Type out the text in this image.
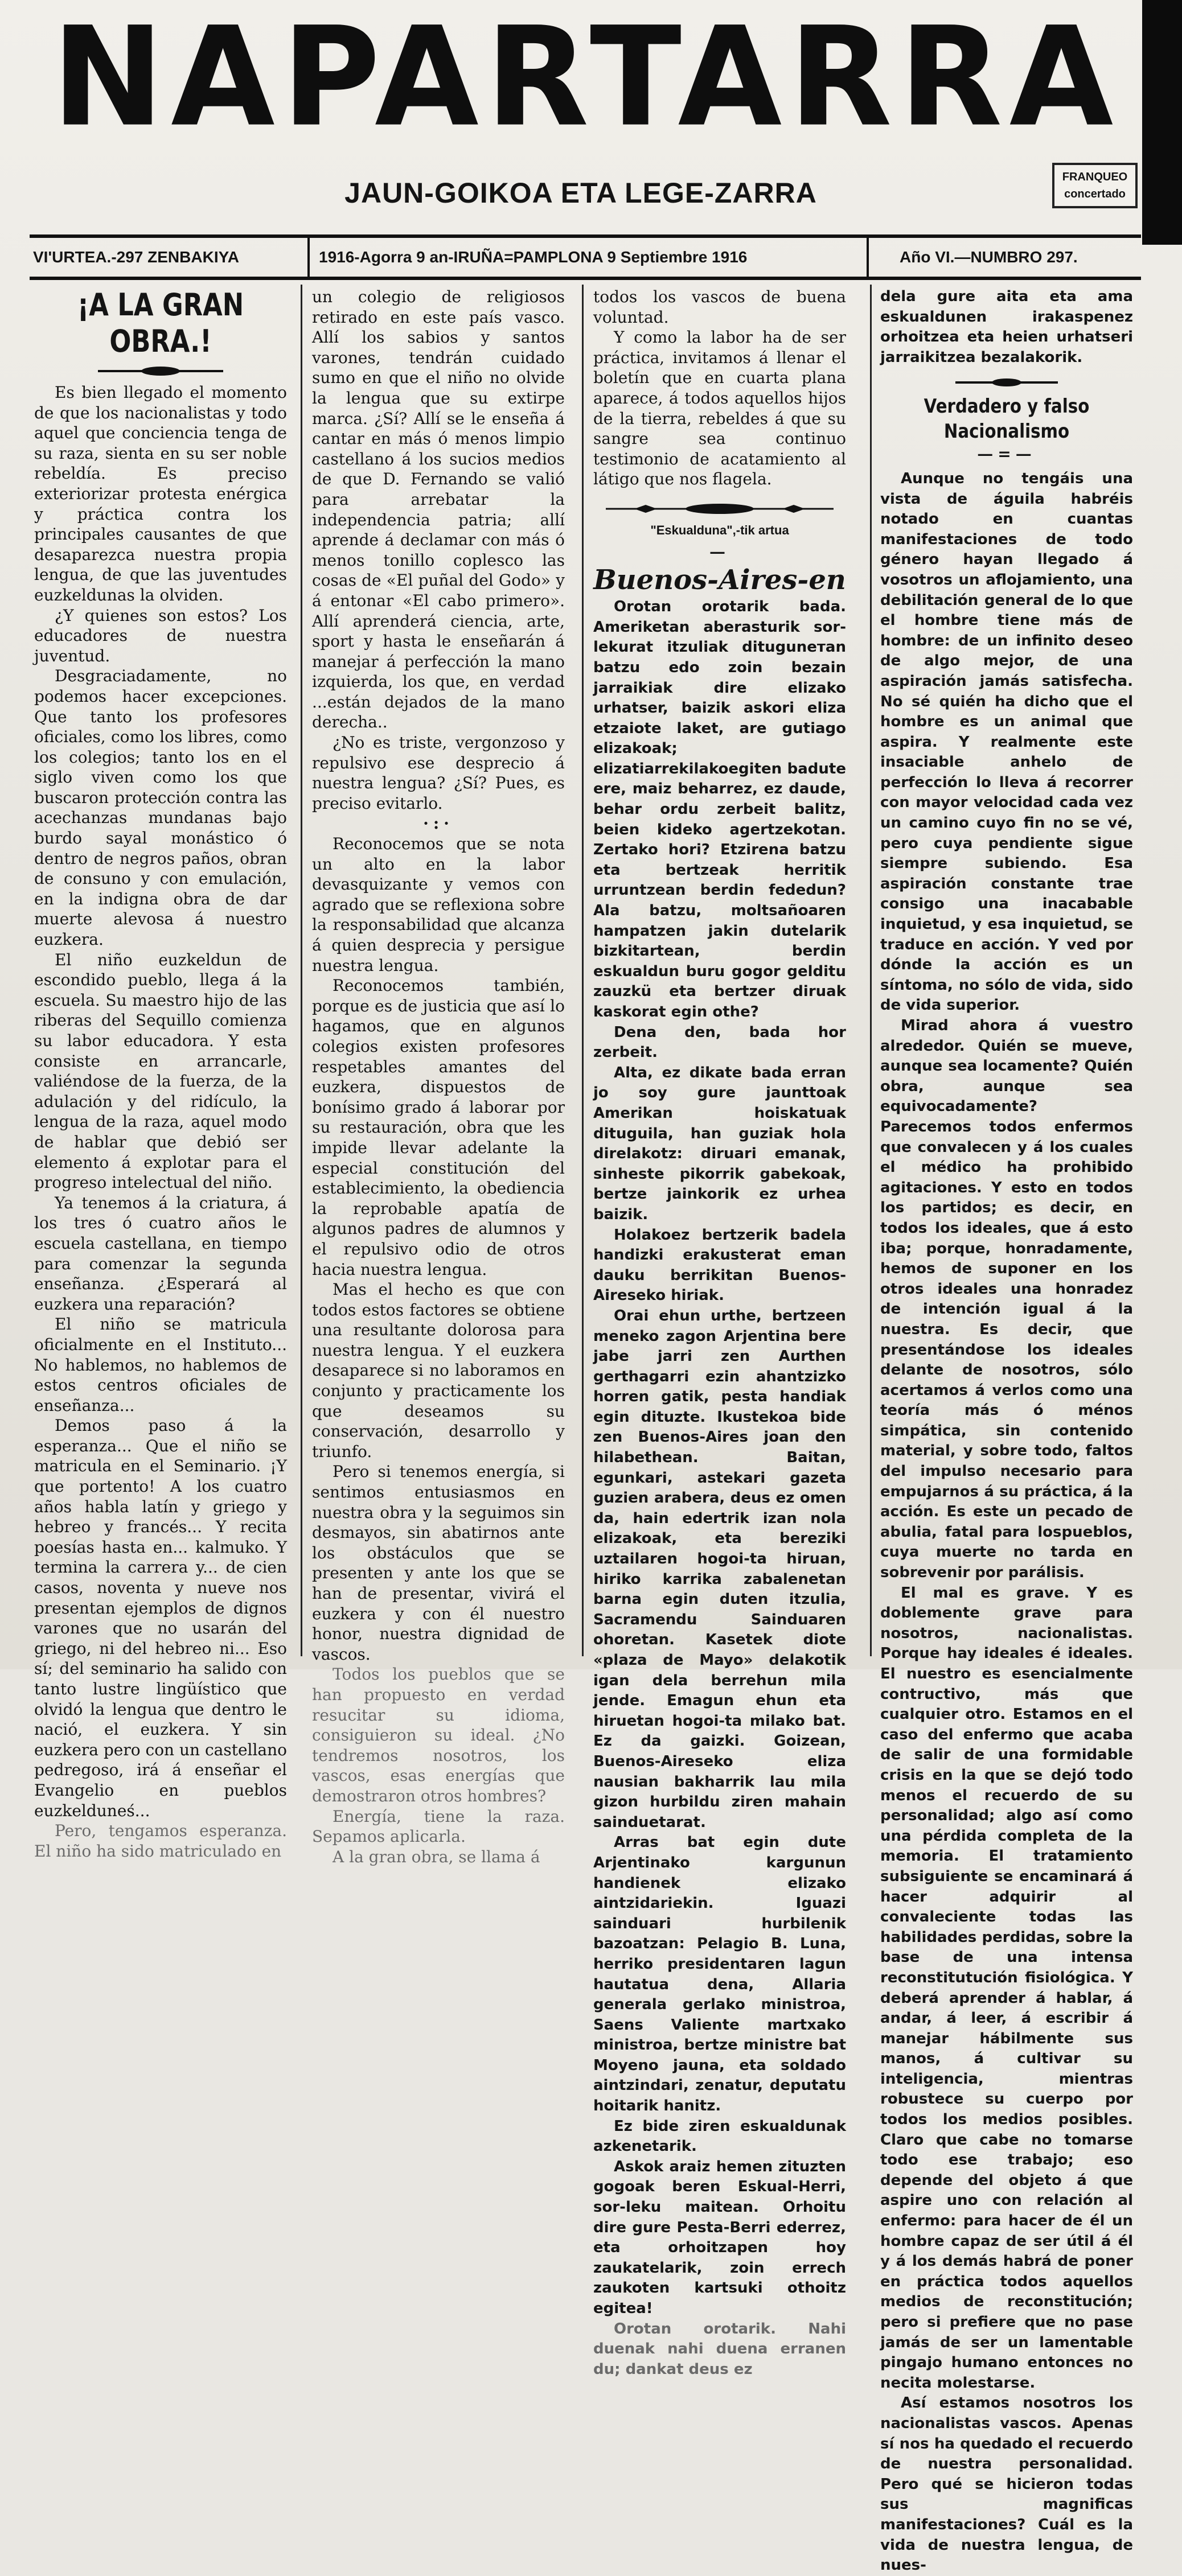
NAPARTARRA
JAUN-GOIKOA ETA LEGE-ZARRA	FRANQUEO concertado
VI'URTEA.-297 ZENBAKIYA	1916-Agorra 9 an-IRUÑA=PAMPLONA 9 Septiembre 1916	Año VI.—NUMBRO 297.

¡A LA GRAN OBRA.!

Es bien llegado el momento de que los nacionalistas y todo aquel que conciencia tenga de su raza, sienta en su ser noble rebeldía. Es preciso exteriorizar protesta enérgica y práctica contra los principales causantes de que desaparezca nuestra propia lengua, de que las juventudes euzkeldunas la olviden.

¿Y quienes son estos? Los educadores de nuestra juventud.

Desgraciadamente, no podemos hacer excepciones. Que tanto los profesores oficiales, como los libres, como los colegios; tanto los en el siglo viven como los que buscaron protección contra las acechanzas mundanas bajo burdo sayal monástico ó dentro de negros paños, obran de consuno y con emulación, en la indigna obra de dar muerte alevosa á nuestro euzkera.

El niño euzkeldun de escondido pueblo, llega á la escuela. Su maestro hijo de las riberas del Sequillo comienza su labor educadora. Y esta consiste en arrancarle, valiéndose de la fuerza, de la adulación y del ridículo, la lengua de la raza, aquel modo de hablar que debió ser elemento á explotar para el progreso intelectual del niño.

Ya tenemos á la criatura, á los tres ó cuatro años le escuela castellana, en tiempo para comenzar la segunda enseñanza. ¿Esperará al euzkera una reparación?

El niño se matricula oficialmente en el Instituto... No hablemos, no hablemos de estos centros oficiales de enseñanza...

Demos paso á la esperanza... Que el niño se matricula en el Seminario. ¡Y que portento! A los cuatro años habla latín y griego y hebreo y francés... Y recita poesías hasta en... kalmuko. Y termina la carrera y... de cien casos, noventa y nueve nos presentan ejemplos de dignos varones que no usarán del griego, ni del hebreo ni... Eso sí; del seminario ha salido con tanto lustre lingüístico que olvidó la lengua que dentro le nació, el euzkera. Y sin euzkera pero con un castellano pedregoso, irá á enseñar el Evangelio en pueblos euzkelduneś...

Pero, tengamos esperanza. El niño ha sido matriculado en

un colegio de religiosos retirado en este país vasco. Allí los sabios y santos varones, tendrán cuidado sumo en que el niño no olvide la lengua que su extirpe marca. ¿Sí? Allí se le enseña á cantar en más ó menos limpio castellano á los sucios medios de que D. Fernando se valió para arrebatar la independencia patria; allí aprende á declamar con más ó menos tonillo coplesco las cosas de «El puñal del Godo» y á entonar «El cabo primero». Allí aprenderá ciencia, arte, sport y hasta le enseñarán á manejar á perfección la mano izquierda, los que, en verdad ...están dejados de la mano derecha..

¿No es triste, vergonzoso y repulsivo ese desprecio á nuestra lengua? ¿Sí? Pues, es preciso evitarlo.

·:·

Reconocemos que se nota un alto en la labor devasquizante y vemos con agrado que se reflexiona sobre la responsabilidad que alcanza á quien desprecia y persigue nuestra lengua.

Reconocemos también, porque es de justicia que así lo hagamos, que en algunos colegios existen profesores respetables amantes del euzkera, dispuestos de bonísimo grado á laborar por su restauración, obra que les impide llevar adelante la especial constitución del establecimiento, la obediencia la reprobable apatía de algunos padres de alumnos y el repulsivo odio de otros hacia nuestra lengua.

Mas el hecho es que con todos estos factores se obtiene una resultante dolorosa para nuestra lengua. Y el euzkera desaparece si no laboramos en conjunto y practicamente los que deseamos su conservación, desarrollo y triunfo.

Pero si tenemos energía, si sentimos entusiasmos en nuestra obra y la seguimos sin desmayos, sin abatirnos ante los obstáculos que se presenten y ante los que se han de presentar, vivirá el euzkera y con él nuestro honor, nuestra dignidad de vascos.

Todos los pueblos que se han propuesto en verdad resucitar su idioma, consiguieron su ideal. ¿No tendremos nosotros, los vascos, esas energías que demostraron otros hombres?

Energía, tiene la raza. Sepamos aplicarla.

A la gran obra, se llama á

todos los vascos de buena voluntad.

Y como la labor ha de ser práctica, invitamos á llenar el boletín que en cuarta plana aparece, á todos aquellos hijos de la tierra, rebeldes á que su sangre sea continuo testimonio de acatamiento al látigo que nos flagela.

"Eskualduna",-tik artua

—

Buenos-Aires-en

Orotan orotarik bada. Ameriketan aberasturik sor-lekurat itzuliak dituguneтan batzu edo zoin bezain jarraikiak dire elizako urhatser, baizik askori eliza etzaiote laket, are gutiago elizakoak; elizatiarrekilakoegiten badute ere, maiz beharrez, ez daude, behar ordu zerbeit balitz, beien kideko agertzekotan. Zertako hori? Etzirena batzu eta bertzeak herritik urruntzean berdin fededun? Ala batzu, moltsañoaren hampatzen jakin dutelarik bizkitartean, berdin eskualdun buru gogor gelditu zauzkü eta bertzer diruak kaskorat egin othe?

Dena den, bada hor zerbeit.

Alta, ez dikate bada erran jo soy gure jaunttoak Amerikan hoiskatuak dituguila, han guziak hola direlakotz: diruari emanak, sinheste pikorrik gabekoak, bertze jainkorik ez urhea baizik.

Holakoez bertzerik badela handizki erakusterat eman dauku berrikitan Buenos-Aireseko hiriak.

Orai ehun urthe, bertzeen meneko zagon Arjentina bere jabe jarri zen Aurthen gerthagarri ezin ahantzizko horren gatik, pesta handiak egin dituzte. Ikustekoa bide zen Buenos-Aires joan den hilabethean. Baitan, egunkari, astekari gazeta guzien arabera, deus ez omen da, hain edertrik izan nola elizakoak, eta bereziki uztailaren hogoi-ta hiruan, hiriko karrika zabalenetan barna egin duten itzulia, Sacramendu Sainduaren ohoretan. Kasetek diote «plaza de Mayo» delakotik igan dela berrehun mila jende. Emagun ehun eta hiruetan hogoi-ta milako bat. Ez da gaizki. Goizean, Buenos-Aireseko eliza nausian bakharrik lau mila gizon hurbildu ziren mahain sainduetarat.

Arras bat egin dute Arjentinako kargunun handienek elizako aintzidariekin. Iguazi sainduari hurbilenik bazoatzan: Pelagio B. Luna, herriko presidentaren lagun hautatua dena, Allaria generala gerlako ministroa, Saens Valiente martxako ministroa, bertze ministre bat Moyeno jauna, eta soldado aintzindari, zenatur, deputatu hoitarik hanitz.

Ez bide ziren eskualdunak azkenetarik.

Askok araiz hemen zituzten gogoak beren Eskual-Herri, sor-leku maitean. Orhoitu dire gure Pesta-Berri ederrez, eta orhoitzapen hoy zaukatelarik, zoin errech zaukoten kartsuki othoitz egitea!

Orotan orotarik. Nahi duenak nahi duena erranen du; dankat deus ez

dela gure aita eta ama eskualdunen irakaspenez orhoitzea eta heien urhatseri jarraikitzea bezalakorik.

Verdadero y falso Nacionalismo

—=—

Aunque no tengáis una vista de águila habréis notado en cuantas manifestaciones de todo género hayan llegado á vosotros un aflojamiento, una debilitación general de lo que el hombre tiene más de hombre: de un infinito deseo de algo mejor, de una aspiración jamás satisfecha. No sé quién ha dicho que el hombre es un animal que aspira. Y realmente este insaciable anhelo de perfección lo lleva á recorrer con mayor velocidad cada vez un camino cuyo fin no se vé, pero cuya pendiente sigue siempre subiendo. Esa aspiración constante trae consigo una inacabable inquietud, y esa inquietud, se traduce en acción. Y ved por dónde la acción es un síntoma, no sólo de vida, sido de vida superior.

Mirad ahora á vuestro alrededor. Quién se mueve, aunque sea locamente? Quién obra, aunque sea equivocadamente? Parecemos todos enfermos que convalecen y á los cuales el médico ha prohibido agitaciones. Y esto en todos los partidos; es decir, en todos los ideales, que á esto iba; porque, honradamente, hemos de suponer en los otros ideales una honradez de intención igual á la nuestra. Es decir, que presentándose los ideales delante de nosotros, sólo acertamos á verlos como una teoría más ó ménos simpática, sin contenido material, y sobre todo, faltos del impulso necesario para empujarnos á su práctica, á la acción. Es este un pecado de abulia, fatal para lospueblos, cuya muerte no tarda en sobrevenir por parálisis.

El mal es grave. Y es doblemente grave para nosotros, nacionalistas. Porque hay ideales é ideales. El nuestro es esencialmente contructivo, más que cualquier otro. Estamos en el caso del enfermo que acaba de salir de una formidable crisis en la que se dejó todo menos el recuerdo de su personalidad; algo así como una pérdida completa de la memoria. El tratamiento subsiguiente se encaminará á hacer adquirir al convaleciente todas las habilidades perdidas, sobre la base de una intensa reconstitutución fisiológica. Y deberá aprender á hablar, á andar, á leer, á escribir á manejar hábilmente sus manos, á cultivar su inteligencia, mientras robustece su cuerpo por todos los medios posibles. Claro que cabe no tomarse todo ese trabajo; eso depende del objeto á que aspire uno con relación al enfermo: para hacer de él un hombre capaz de ser útil á él y á los demás habrá de poner en práctica todos aquellos medios de reconstitución; pero si prefiere que no pase jamás de ser un lamentable pingajo humano entonces no necita molestarse.

Así estamos nosotros los nacionalistas vascos. Apenas sí nos ha quedado el recuerdo de nuestra personalidad. Pero qué se hicieron todas sus magnificas manifestaciones? Cuál es la vida de nuestra lengua, de nues-
